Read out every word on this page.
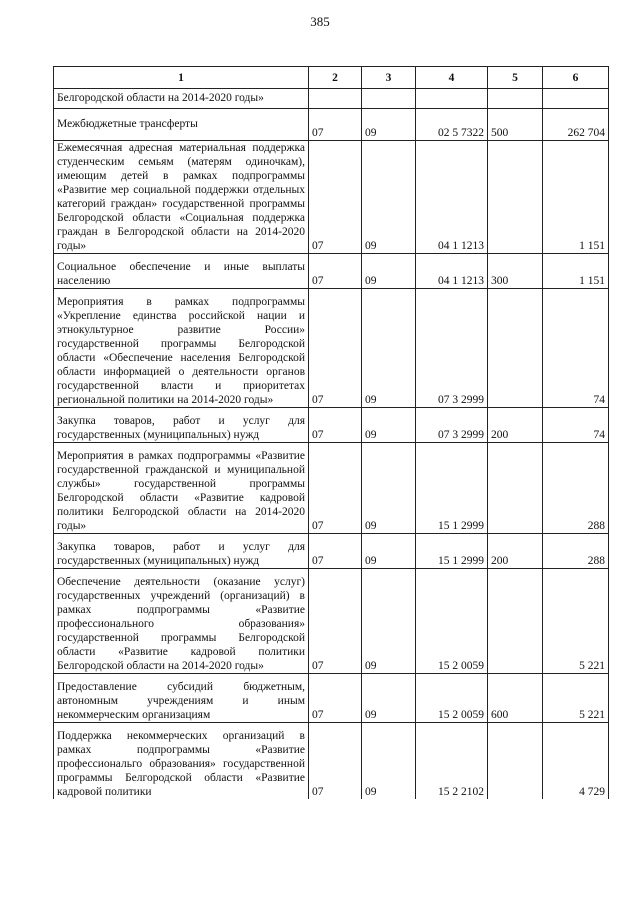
385
1	2	3	4	5	6
Белгородской области на 2014-2020 годы»					
Межбюджетные трансферты	07	09	02 5 7322	500	262 704
Ежемесячная адресная материальная поддержка студенческим семьям (матерям одиночкам), имеющим детей в рамках подпрограммы «Развитие мер социальной поддержки отдельных категорий граждан» государственной программы Белгородской области «Социальная поддержка граждан в Белгородской области на 2014-2020 годы»	07	09	04 1 1213		1 151
Социальное обеспечение и иные выплаты населению	07	09	04 1 1213	300	1 151
Мероприятия в рамках подпрограммы «Укрепление единства российской нации и этнокультурное развитие России» государственной программы Белгородской области «Обеспечение населения Белгородской области информацией о деятельности органов государственной власти и приоритетах региональной политики на 2014-2020 годы»	07	09	07 3 2999		74
Закупка товаров, работ и услуг для государственных (муниципальных) нужд	07	09	07 3 2999	200	74
Мероприятия в рамках подпрограммы «Развитие государственной гражданской и муниципальной службы» государственной программы Белгородской области «Развитие кадровой политики Белгородской области на 2014-2020 годы»	07	09	15 1 2999		288
Закупка товаров, работ и услуг для государственных (муниципальных) нужд	07	09	15 1 2999	200	288
Обеспечение деятельности (оказание услуг) государственных учреждений (организаций) в рамках подпрограммы «Развитие профессионального образования» государственной программы Белгородской области «Развитие кадровой политики Белгородской области на 2014-2020 годы»	07	09	15 2 0059		5 221
Предоставление субсидий бюджетным, автономным учреждениям и иным некоммерческим организациям	07	09	15 2 0059	600	5 221
Поддержка некоммерческих организаций в рамках подпрограммы «Развитие профессиональго образования» государственной программы Белгородской области «Развитие кадровой политики	07	09	15 2 2102		4 729
